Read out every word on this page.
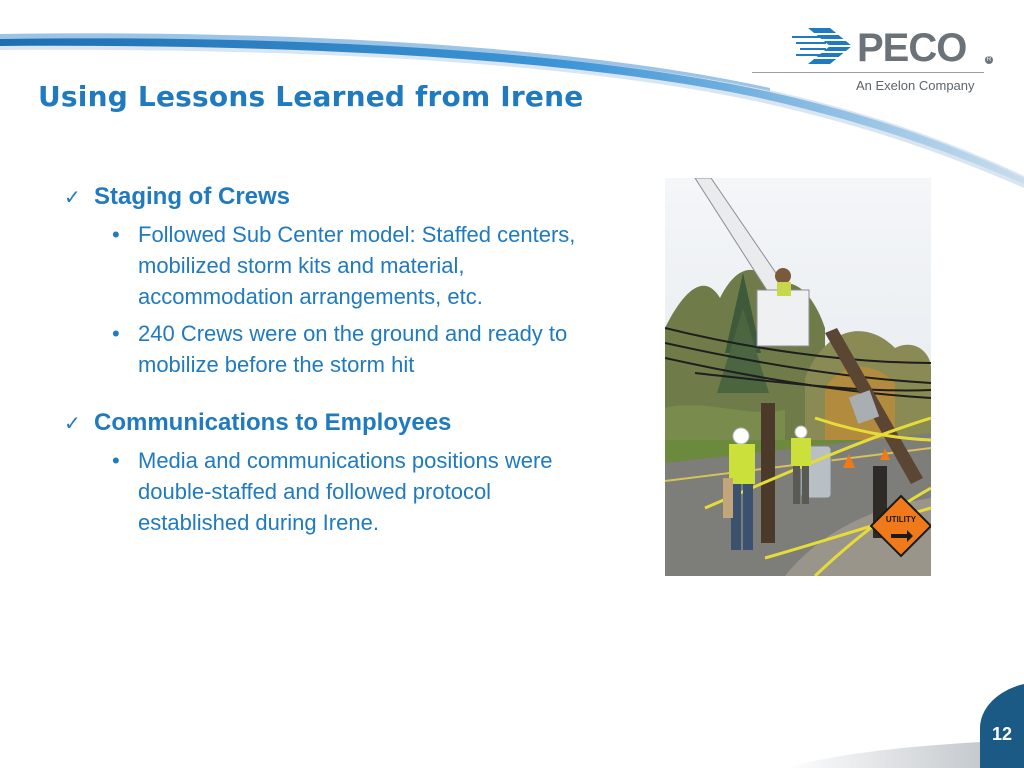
Using Lessons Learned from Irene
PECO	R
An Exelon Company
✓ Staging of Crews
• Followed Sub Center model: Staffed centers, mobilized storm kits and material, accommodation arrangements, etc.
• 240 Crews were on the ground and ready to mobilize before the storm hit
✓ Communications to Employees
• Media and communications positions were double-staffed and followed protocol established during Irene.	UTILITY
12
